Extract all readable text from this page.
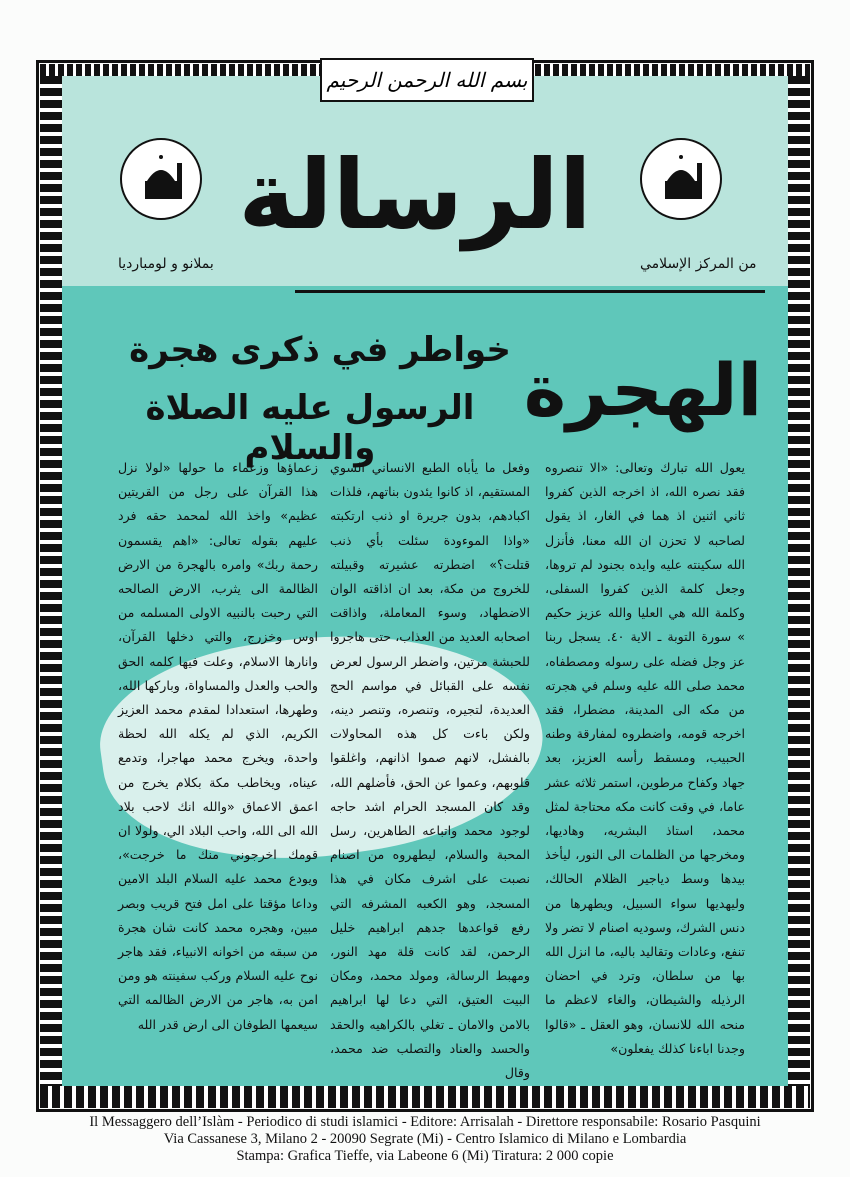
بسم الله الرحمن الرحيم
الرسالة
بملانو و لومبارديا	من المركز الإسلامي
الهجرة
خواطر في ذكرى هجرة
الرسول عليه الصلاة والسلام	يعول الله تبارك وتعالى: «الا تنصروه فقد نصره الله، اذ اخرجه الذين كفروا ثاني اثنين اذ هما في الغار، اذ يقول لصاحبه لا تحزن ان الله معنا، فأنزل الله سكينته عليه وايده بجنود لم تروها، وجعل كلمة الذين كفروا السفلى، وكلمة الله هي العليا والله عزيز حكيم » سورة التوبة ـ الاية ٤٠. يسجل ربنا عز وجل فضله على رسوله ومصطفاه، محمد صلى الله عليه وسلم في هجرته من مكه الى المدينة، مضطرا، فقد اخرجه قومه، واضطروه لمفارقة وطنه الحبيب، ومسقط رأسه العزيز، بعد جهاد وكفاح مرطوين، استمر ثلاثه عشر عاما، في وقت كانت مكه محتاجة لمثل محمد، استاذ البشريه، وهاديها، ومخرجها من الظلمات الى النور، ليأخذ بيدها وسط دياجير الظلام الحالك، وليهديها سواء السبيل، ويطهرها من دنس الشرك، وسوديه اصنام لا تضر ولا تنفع، وعادات وتقاليد باليه، ما انزل الله بها من سلطان، وترد في احضان الرذيله والشيطان، والغاء لاعظم ما منحه الله للانسان، وهو العقل ـ «قالوا وجدنا اباءنا كذلك يفعلون»
وفعل ما يأباه الطبع الانساني السوي المستقيم، اذ كانوا يئدون بناتهم، فلذات اكبادهم، بدون جريرة او ذنب ارتكبته «واذا الموءودة سئلت بأي ذنب قتلت؟» اضطرته عشيرته وقبيلته للخروج من مكة، بعد ان اذاقته الوان الاضطهاد، وسوء المعاملة، واذاقت اصحابه العديد من العذاب، حتى هاجروا للحبشة مرتين، واضطر الرسول لعرض نفسه على القبائل في مواسم الحج العديدة، لتجيره، وتنصره، وتنصر دينه، ولكن باءت كل هذه المحاولات بالفشل، لانهم صموا اذانهم، واغلقوا قلوبهم، وعموا عن الحق، فأضلهم الله، وقد كان المسجد الحرام اشد حاجه لوجود محمد واتباعه الطاهرين، رسل المحبة والسلام، ليطهروه من اصنام نصبت على اشرف مكان في هذا المسجد، وهو الكعبه المشرفه التي رفع قواعدها جدهم ابراهيم خليل الرحمن، لقد كانت قلة مهد النور، ومهبط الرسالة، ومولد محمد، ومكان البيت العتيق، التي دعا لها ابراهيم بالامن والامان ـ تغلي بالكراهيه والحقد والحسد والعناد والتصلب ضد محمد، وقال
زعماؤها وزعماء ما حولها «لولا نزل هذا القرآن على رجل من القريتين عظيم» واخذ الله لمحمد حقه فرد عليهم بقوله تعالى: «اهم يقسمون رحمة ربك» وامره بالهجرة من الارض الظالمة الى يثرب، الارض الصالحه التي رحبت بالنبيه الاولى المسلمه من اوس وخزرج، والتي دخلها القرآن، وانارها الاسلام، وعلت فيها كلمه الحق والحب والعدل والمساواة، وباركها الله، وطهرها، استعدادا لمقدم محمد العزيز الكريم، الذي لم يكله الله لحظة واحدة، ويخرج محمد مهاجرا، وتدمع عيناه، ويخاطب مكة بكلام يخرج من اعمق الاعماق «والله انك لاحب بلاد الله الى الله، واحب البلاد الي، ولولا ان قومك اخرجوني منك ما خرجت»، ويودع محمد عليه السلام البلد الامين وداعا مؤقتا على امل فتح قريب وبصر مبين، وهجره محمد كانت شان هجرة من سبقه من اخوانه الانبياء، فقد هاجر نوح عليه السلام وركب سفينته هو ومن امن به، هاجر من الارض الظالمه التي سيعمها الطوفان الى ارض قدر الله
Il Messaggero dell’Islàm - Periodico di studi islamici - Editore: Arrisalah - Direttore responsabile: Rosario Pasquini
Via Cassanese 3, Milano 2 - 20090 Segrate (Mi) - Centro Islamico di Milano e Lombardia
Stampa: Grafica Tieffe, via Labeone 6 (Mi) Tiratura: 2 000 copie
